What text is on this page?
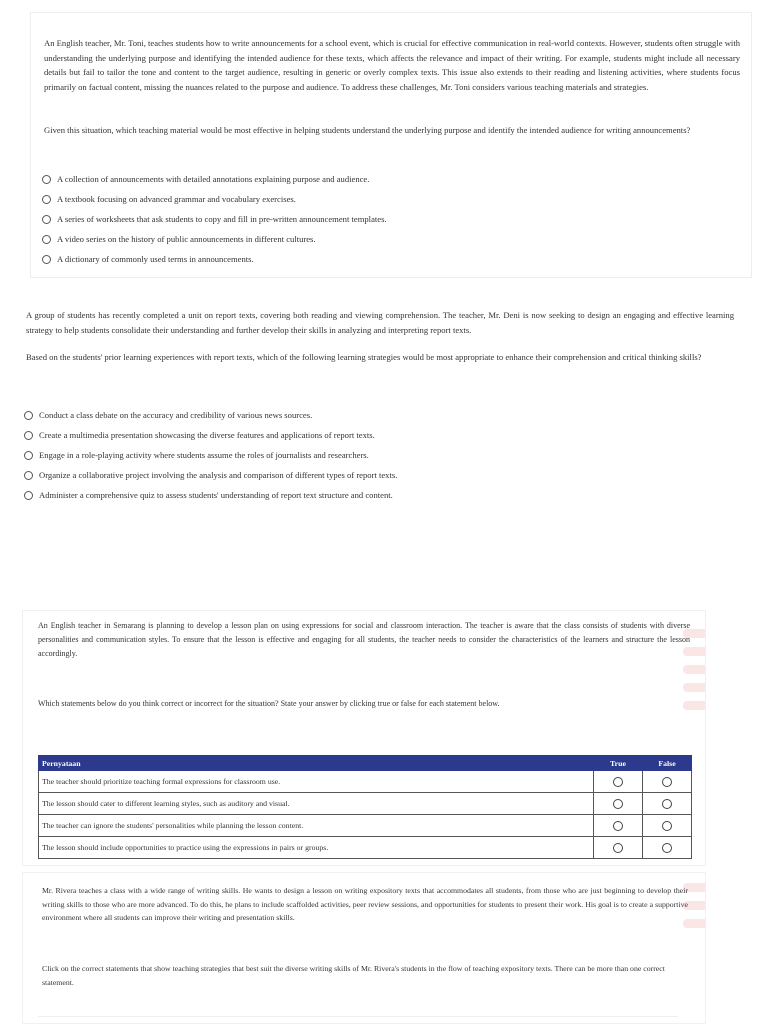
An English teacher, Mr. Toni, teaches students how to write announcements for a school event, which is crucial for effective communication in real-world contexts. However, students often struggle with understanding the underlying purpose and identifying the intended audience for these texts, which affects the relevance and impact of their writing. For example, students might include all necessary details but fail to tailor the tone and content to the target audience, resulting in generic or overly complex texts. This issue also extends to their reading and listening activities, where students focus primarily on factual content, missing the nuances related to the purpose and audience. To address these challenges, Mr. Toni considers various teaching materials and strategies.

Given this situation, which teaching material would be most effective in helping students understand the underlying purpose and identify the intended audience for writing announcements?

A collection of announcements with detailed annotations explaining purpose and audience.
A textbook focusing on advanced grammar and vocabulary exercises.
A series of worksheets that ask students to copy and fill in pre-written announcement templates.
A video series on the history of public announcements in different cultures.
A dictionary of commonly used terms in announcements.

A group of students has recently completed a unit on report texts, covering both reading and viewing comprehension. The teacher, Mr. Deni is now seeking to design an engaging and effective learning strategy to help students consolidate their understanding and further develop their skills in analyzing and interpreting report texts.

Based on the students' prior learning experiences with report texts, which of the following learning strategies would be most appropriate to enhance their comprehension and critical thinking skills?

Conduct a class debate on the accuracy and credibility of various news sources.
Create a multimedia presentation showcasing the diverse features and applications of report texts.
Engage in a role-playing activity where students assume the roles of journalists and researchers.
Organize a collaborative project involving the analysis and comparison of different types of report texts.
Administer a comprehensive quiz to assess students' understanding of report text structure and content.

An English teacher in Semarang is planning to develop a lesson plan on using expressions for social and classroom interaction. The teacher is aware that the class consists of students with diverse personalities and communication styles. To ensure that the lesson is effective and engaging for all students, the teacher needs to consider the characteristics of the learners and structure the lesson accordingly.

Which statements below do you think correct or incorrect for the situation? State your answer by clicking true or false for each statement below.

Pernyataan	True	False
The teacher should prioritize teaching formal expressions for classroom use.		
The lesson should cater to different learning styles, such as auditory and visual.		
The teacher can ignore the students' personalities while planning the lesson content.		
The lesson should include opportunities to practice using the expressions in pairs or groups.		

Mr. Rivera teaches a class with a wide range of writing skills. He wants to design a lesson on writing expository texts that accommodates all students, from those who are just beginning to develop their writing skills to those who are more advanced. To do this, he plans to include scaffolded activities, peer review sessions, and opportunities for students to present their work. His goal is to create a supportive environment where all students can improve their writing and presentation skills.

Click on the correct statements that show teaching strategies that best suit the diverse writing skills of Mr. Rivera's students in the flow of teaching expository texts. There can be more than one correct statement.
